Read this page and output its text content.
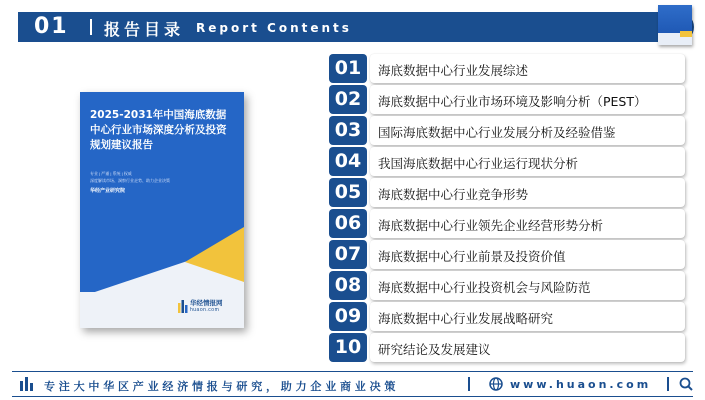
01 报告目录 Report Contents
2025-2031年中国海底数据中心行业市场深度分析及投资规划建议报告
专业 | 严谨 | 系统 | 权威
深度解读市场、洞察行业走势、助力企业决策
华经产业研究院
华经情报网
huaon.com
01	海底数据中心行业发展综述
02	海底数据中心行业市场环境及影响分析（PEST）
03	国际海底数据中心行业发展分析及经验借鉴
04	我国海底数据中心行业运行现状分析
05	海底数据中心行业竞争形势
06	海底数据中心行业领先企业经营形势分析
07	海底数据中心行业前景及投资价值
08	海底数据中心行业投资机会与风险防范
09	海底数据中心行业发展战略研究
10	研究结论及发展建议
专注大中华区产业经济情报与研究，助力企业商业决策	www.huaon.com
